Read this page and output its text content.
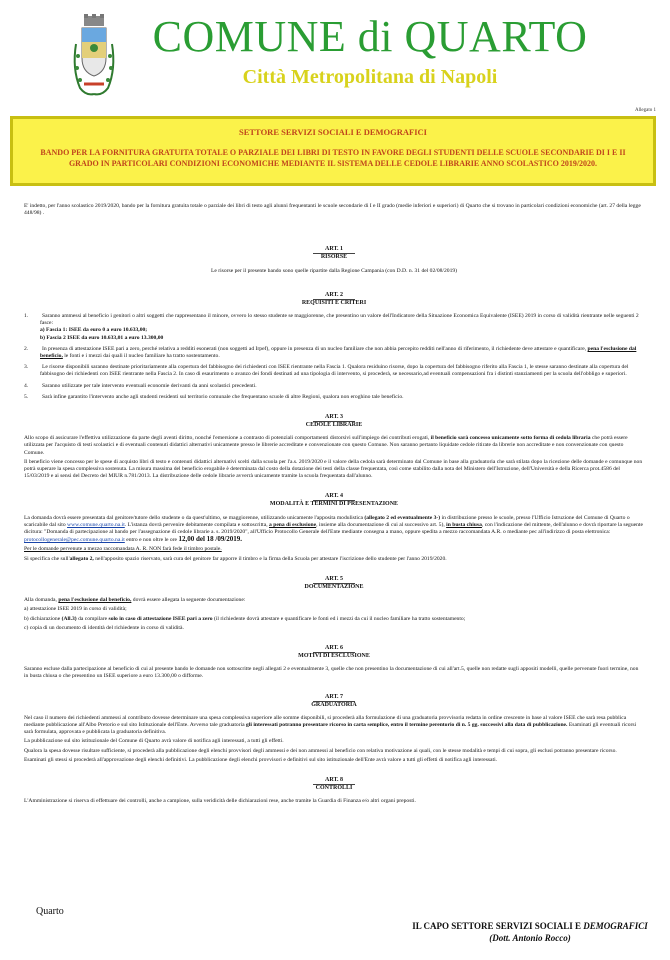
COMUNE di QUARTO
Città Metropolitana di Napoli
Allegato 1
SETTORE SERVIZI SOCIALI E DEMOGRAFICI
BANDO PER LA FORNITURA GRATUITA TOTALE O PARZIALE DEI LIBRI DI TESTO IN FAVORE DEGLI STUDENTI DELLE SCUOLE SECONDARIE DI I E II GRADO IN PARTICOLARI CONDIZIONI ECONOMICHE MEDIANTE IL SISTEMA DELLE CEDOLE LIBRARIE ANNO SCOLASTICO 2019/2020.

E' indetto, per l'anno scolastico 2019/2020, bando per la fornitura gratuita totale o parziale dei libri di testo agli alunni frequentanti le scuole secondarie di I e II grado (medie inferiori e superiori) di Quarto che si trovano in particolari condizioni economiche (art. 27 della legge 448/98) .

ART. 1
RISORSE

Le risorse per il presente bando sono quelle ripartite dalla Regione Campania (con D.D. n. 31 del 02/08/2019)

ART. 2
REQUISITI E CRITERI
1. Saranno ammessi al beneficio i genitori o altri soggetti che rappresentano il minore, ovvero lo stesso studente se maggiorenne, che presentino un valore dell'Indicatore della Situazione Economica Equivalente (ISEE) 2019 in corso di validità rientrante nelle seguenti 2 fasce:
a) Fascia 1: ISEE da euro 0 a euro 10.633,00;
b) Fascia 2 ISEE da euro 10.633,01 a euro 13.300,00
2. In presenza di attestazione ISEE pari a zero, perché relativa a redditi esonerati (non soggetti ad Irpef), oppure in presenza di un nucleo familiare che non abbia percepito redditi nell'anno di riferimento, il richiedente deve attestare e quantificare, pena l'esclusione dal beneficio, le fonti e i mezzi dai quali il nucleo familiare ha tratto sostentamento.
3. Le risorse disponibili saranno destinate prioritariamente alla copertura del fabbisogno dei richiedenti con ISEE rientrante nella Fascia 1. Qualora residuino risorse, dopo la copertura del fabbisogno riferito alla Fascia 1, le stesse saranno destinate alla copertura del fabbisogno dei richiedenti con ISEE rientrante nella Fascia 2. In caso di esaurimento o avanzo dei fondi destinati ad una tipologia di intervento, si procederà, se necessario,ad eventuali compensazioni fra i distinti stanziamenti per la scuola dell'obbligo e superiori.
4. Saranno utilizzate per tale intervento eventuali economie derivanti da anni scolastici precedenti.
5. Sarà infine garantito l'intervento anche agli studenti residenti sul territorio comunale che frequentano scuole di altre Regioni, qualora non eroghino tale beneficio.
ART. 3
CEDOLE LIBRARIE

Allo scopo di assicurare l'effettiva utilizzazione da parte degli aventi diritto, nonché l'emersione a contrasto di potenziali comportamenti distorsivi sull'impiego dei contributi erogati, il beneficio sarà concesso unicamente sotto forma di cedola libraria che potrà essere utilizzata per l'acquisto di testi scolastici e di eventuali contenuti didattici alternativi unicamente presso le librerie accreditate e convenzionate con questo Comune. Non saranno pertanto liquidate cedole ritirate da librerie non accreditate e non convenzionate con questo Comune.

Il beneficio viene concesso per le spese di acquisto libri di testo e contenuti didattici alternativi scelti dalla scuola per l'a.s. 2019/2020 e il valore della cedola sarà determinato dal Comune in base alla graduatoria che sarà stilata dopo la ricezione delle domande e comunque non potrà superare la spesa complessiva sostenuta. La misura massima del beneficio erogabile è determinata dal costo della dotazione dei testi della classe frequentata, così come stabilito dalla nota del Ministero dell'Istruzione, dell'Università e della Ricerca prot.4586 del 15/03/2019 e ai sensi del Decreto del MIUR n.781/2013. La distribuzione delle cedole librarie avverrà unicamente tramite la scuola frequentata dall'alunno.

ART. 4
MODALITÀ E TERMINI DI PRESENTAZIONE

La domanda dovrà essere presentata dal genitore/tutore dello studente o da quest'ultimo, se maggiorenne, utilizzando unicamente l'apposita modulistica (allegato 2 ed eventualmente 3-) in distribuzione presso le scuole, presso l'Ufficio Istruzione del Comune di Quarto o scaricabile dal sito www.comune.quarto.na.it. L'istanza dovrà pervenire debitamente compilata e sottoscritta, a pena di esclusione, insieme alla documentazione di cui al successivo art. 5), in busta chiusa, con l'indicazione del mittente, dell'alunno e dovrà riportare la seguente dicitura: "Domanda di partecipazione al bando per l'assegnazione di cedole librarie a. s. 2019/2020", all'Ufficio Protocollo Generale dell'Ente mediante consegna a mano, oppure spedita a mezzo raccomandata A.R. o mediante pec all'indirizzo di posta elettronica: protocollogenerale@pec.comune.quarto.na.it entro e non oltre le ore 12,00 del 18 /09/2019.

Per le domande pervenute a mezzo raccomandata A. R. NON farà fede il timbro postale.

Si specifica che sull'allegato 2, nell'apposito spazio riservato, sarà cura del genitore far apporre il timbro e la firma della Scuola per attestare l'iscrizione dello studente per l'anno 2019/2020.

ART. 5
DOCUMENTAZIONE

Alla domanda, pena l'esclusione dal beneficio, dovrà essere allegata la seguente documentazione:

a) attestazione ISEE 2019 in corso di validità;

b) dichiarazione (All.3) da compilare solo in caso di attestazione ISEE pari a zero (il richiedente dovrà attestare e quantificare le fonti ed i mezzi da cui il nucleo familiare ha tratto sostentamento;

c) copia di un documento di identità del richiedente in corso di validità.

ART. 6
MOTIVI DI ESCLUSIONE

Saranno escluse dalla partecipazione al beneficio di cui al presente bando le domande non sottoscritte negli allegati 2 e eventualmente 3, quelle che non presentino la documentazione di cui all'art.5, quelle non redatte sugli appositi modelli, quelle pervenute fuori termine, non in busta chiusa o che presentino un ISEE superiore a euro 13.300,00 o difforme.

ART. 7
GRADUATORIA

Nel caso il numero dei richiedenti ammessi al contributo dovesse determinare una spesa complessiva superiore alle somme disponibili, si procederà alla formulazione di una graduatoria provvisoria redatta in ordine crescente in base al valore ISEE che sarà resa pubblica mediante pubblicazione all'Albo Pretorio e sul sito Istituzionale dell'Ente. Avverso tale graduatoria gli interessati potranno presentare ricorso in carta semplice, entro il termine perentorio di n. 5 gg. successivi alla data di pubblicazione. Esaminati gli eventuali ricorsi sarà formulata, approvata e pubblicata la graduatoria definitiva.

La pubblicazione sul sito istituzionale del Comune di Quarto avrà valore di notifica agli interessati, a tutti gli effetti.

Qualora la spesa dovesse risultare sufficiente, si procederà alla pubblicazione degli elenchi provvisori degli ammessi e dei non ammessi al beneficio con relativa motivazione ai quali, con le stesse modalità e tempi di cui sopra, gli esclusi potranno presentare ricorso.

Esaminati gli stessi si procederà all'approvazione degli elenchi definitivi. La pubblicazione degli elenchi provvisori e definitivi sul sito istituzionale dell'Ente avrà valore a tutti gli effetti di notifica agli interessati.

ART. 8
CONTROLLI

L'Amministrazione si riserva di effettuare dei controlli, anche a campione, sulla veridicità delle dichiarazioni rese, anche tramite la Guardia di Finanza e/o altri organi preposti.

Quarto
IL CAPO SETTORE SERVIZI SOCIALI E DEMOGRAFICI
(Dott. Antonio Rocco)
